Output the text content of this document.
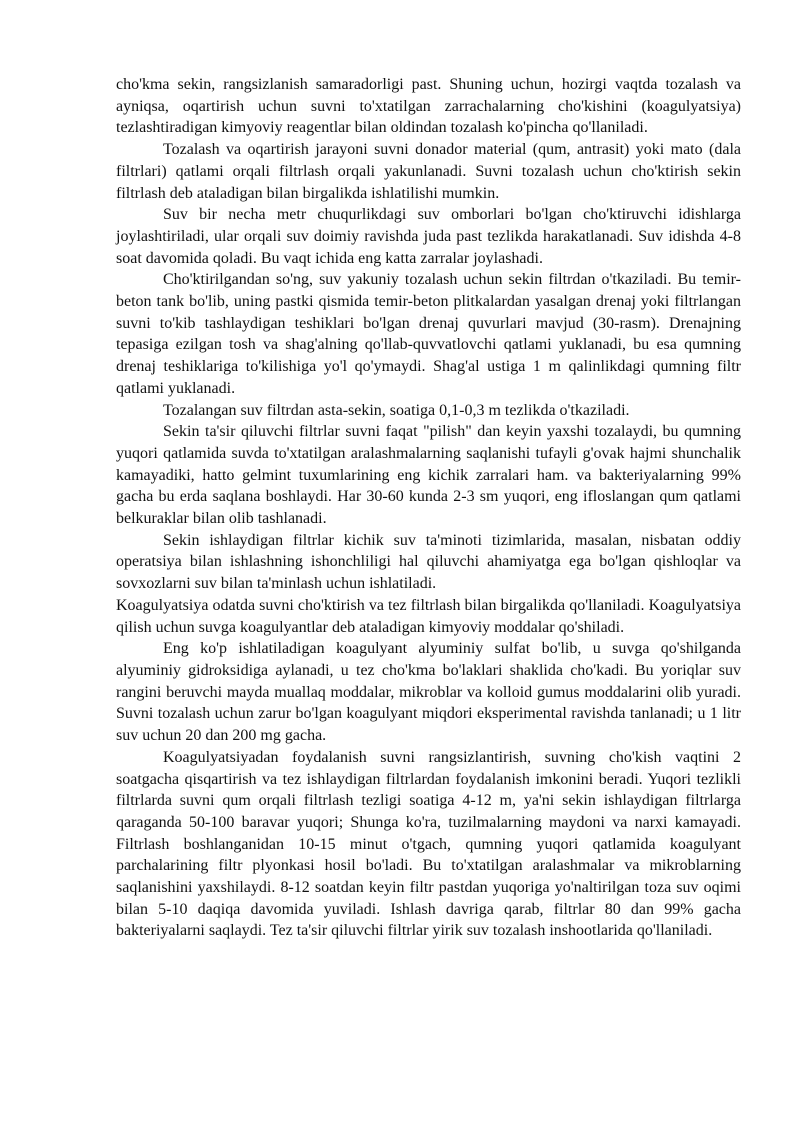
cho'kma sekin, rangsizlanish samaradorligi past. Shuning uchun, hozirgi vaqtda tozalash va ayniqsa, oqartirish uchun suvni to'xtatilgan zarrachalarning cho'kishini (koagulyatsiya) tezlashtiradigan kimyoviy reagentlar bilan oldindan tozalash ko'pincha qo'llaniladi.

Tozalash va oqartirish jarayoni suvni donador material (qum, antrasit) yoki mato (dala filtrlari) qatlami orqali filtrlash orqali yakunlanadi. Suvni tozalash uchun cho'ktirish sekin filtrlash deb ataladigan bilan birgalikda ishlatilishi mumkin.

Suv bir necha metr chuqurlikdagi suv omborlari bo'lgan cho'ktiruvchi idishlarga joylashtiriladi, ular orqali suv doimiy ravishda juda past tezlikda harakatlanadi. Suv idishda 4-8 soat davomida qoladi. Bu vaqt ichida eng katta zarralar joylashadi.

Cho'ktirilgandan so'ng, suv yakuniy tozalash uchun sekin filtrdan o'tkaziladi. Bu temir-beton tank bo'lib, uning pastki qismida temir-beton plitkalardan yasalgan drenaj yoki filtrlangan suvni to'kib tashlaydigan teshiklari bo'lgan drenaj quvurlari mavjud (30-rasm). Drenajning tepasiga ezilgan tosh va shag'alning qo'llab-quvvatlovchi qatlami yuklanadi, bu esa qumning drenaj teshiklariga to'kilishiga yo'l qo'ymaydi. Shag'al ustiga 1 m qalinlikdagi qumning filtr qatlami yuklanadi.

Tozalangan suv filtrdan asta-sekin, soatiga 0,1-0,3 m tezlikda o'tkaziladi.

Sekin ta'sir qiluvchi filtrlar suvni faqat "pilish" dan keyin yaxshi tozalaydi, bu qumning yuqori qatlamida suvda to'xtatilgan aralashmalarning saqlanishi tufayli g'ovak hajmi shunchalik kamayadiki, hatto gelmint tuxumlarining eng kichik zarralari ham. va bakteriyalarning 99% gacha bu erda saqlana boshlaydi. Har 30-60 kunda 2-3 sm yuqori, eng ifloslangan qum qatlami belkuraklar bilan olib tashlanadi.

Sekin ishlaydigan filtrlar kichik suv ta'minoti tizimlarida, masalan, nisbatan oddiy operatsiya bilan ishlashning ishonchliligi hal qiluvchi ahamiyatga ega bo'lgan qishloqlar va sovxozlarni suv bilan ta'minlash uchun ishlatiladi.

Koagulyatsiya odatda suvni cho'ktirish va tez filtrlash bilan birgalikda qo'llaniladi. Koagulyatsiya qilish uchun suvga koagulyantlar deb ataladigan kimyoviy moddalar qo'shiladi.

Eng ko'p ishlatiladigan koagulyant alyuminiy sulfat bo'lib, u suvga qo'shilganda alyuminiy gidroksidiga aylanadi, u tez cho'kma bo'laklari shaklida cho'kadi. Bu yoriqlar suv rangini beruvchi mayda muallaq moddalar, mikroblar va kolloid gumus moddalarini olib yuradi. Suvni tozalash uchun zarur bo'lgan koagulyant miqdori eksperimental ravishda tanlanadi; u 1 litr suv uchun 20 dan 200 mg gacha.

Koagulyatsiyadan foydalanish suvni rangsizlantirish, suvning cho'kish vaqtini 2 soatgacha qisqartirish va tez ishlaydigan filtrlardan foydalanish imkonini beradi. Yuqori tezlikli filtrlarda suvni qum orqali filtrlash tezligi soatiga 4-12 m, ya'ni sekin ishlaydigan filtrlarga qaraganda 50-100 baravar yuqori; Shunga ko'ra, tuzilmalarning maydoni va narxi kamayadi. Filtrlash boshlanganidan 10-15 minut o'tgach, qumning yuqori qatlamida koagulyant parchalarining filtr plyonkasi hosil bo'ladi. Bu to'xtatilgan aralashmalar va mikroblarning saqlanishini yaxshilaydi. 8-12 soatdan keyin filtr pastdan yuqoriga yo'naltirilgan toza suv oqimi bilan 5-10 daqiqa davomida yuviladi. Ishlash davriga qarab, filtrlar 80 dan 99% gacha bakteriyalarni saqlaydi. Tez ta'sir qiluvchi filtrlar yirik suv tozalash inshootlarida qo'llaniladi.
